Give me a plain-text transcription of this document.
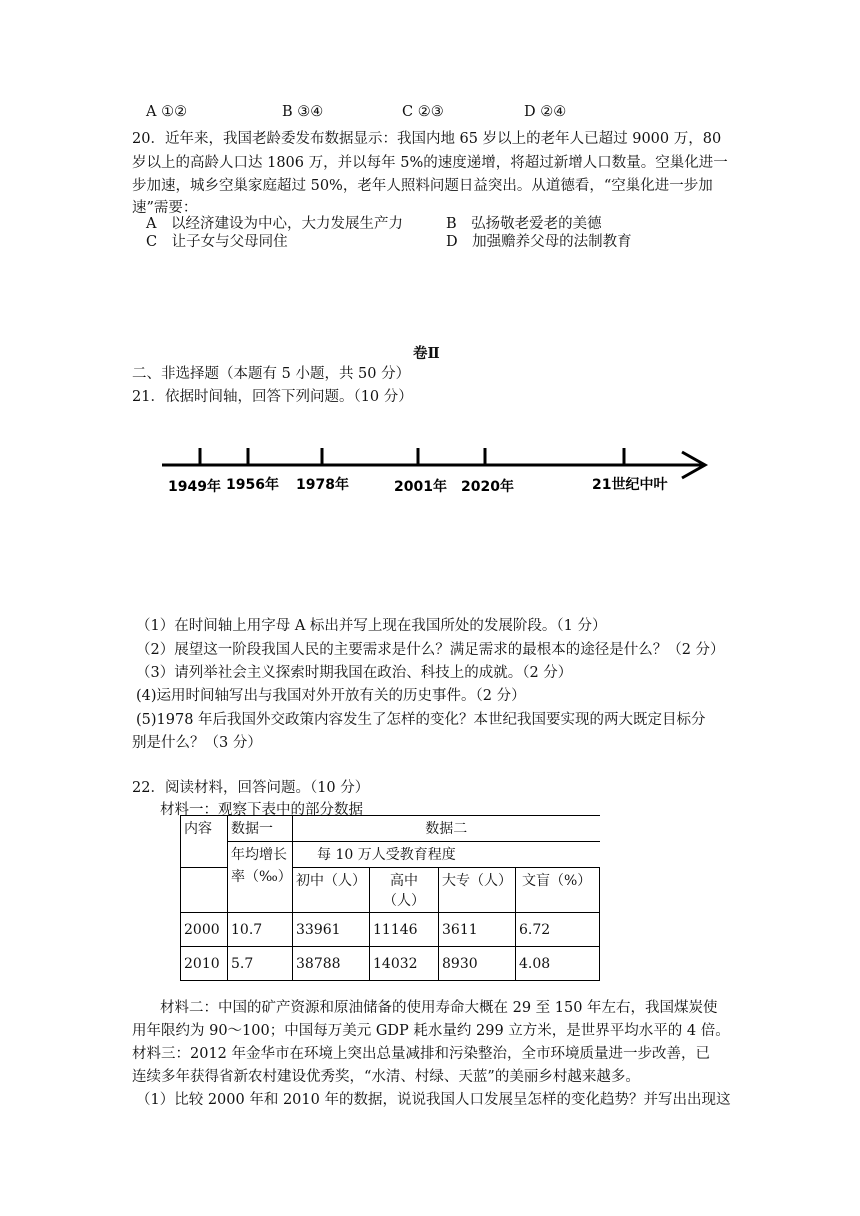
A ①②	B ③④	C ②③	D ②④
20．近年来，我国老龄委发布数据显示：我国内地 65 岁以上的老年人已超过 9000 万，80
岁以上的高龄人口达 1806 万，并以每年 5%的速度递增，将超过新增人口数量。空巢化进一
步加速，城乡空巢家庭超过 50%，老年人照料问题日益突出。从道德看，“空巢化进一步加
速”需要：
A　以经济建设为中心，大力发展生产力	B　弘扬敬老爱老的美德
C　让子女与父母同住	D　加强赡养父母的法制教育
卷Ⅱ
二、非选择题（本题有 5 小题，共 50 分）
21．依据时间轴，回答下列问题。（10 分）
1949年 1956年 1978年	2001年 2020年	21世纪中叶
（1）在时间轴上用字母 A 标出并写上现在我国所处的发展阶段。（1 分）
（2）展望这一阶段我国人民的主要需求是什么？满足需求的最根本的途径是什么？（2 分）
（3）请列举社会主义探索时期我国在政治、科技上的成就。（2 分）
(4)运用时间轴写出与我国对外开放有关的历史事件。（2 分）
(5)1978 年后我国外交政策内容发生了怎样的变化？本世纪我国要实现的两大既定目标分
别是什么？（3 分）
22．阅读材料，回答问题。（10 分）
材料一：观察下表中的部分数据
内容	数据一	数据二			
	年均增长率（‰）	每 10 万人受教育程度			
		初中（人）	高中（人）	大专（人）	文盲（%）
2000	10.7	33961	11146	3611	6.72
2010	5.7	38788	14032	8930	4.08
材料二：中国的矿产资源和原油储备的使用寿命大概在 29 至 150 年左右，我国煤炭使
用年限约为 90～100；中国每万美元 GDP 耗水量约 299 立方米，是世界平均水平的 4 倍。
材料三：2012 年金华市在环境上突出总量减排和污染整治，全市环境质量进一步改善，已
连续多年获得省新农村建设优秀奖，“水清、村绿、天蓝”的美丽乡村越来越多。
（1）比较 2000 年和 2010 年的数据，说说我国人口发展呈怎样的变化趋势？并写出出现这
